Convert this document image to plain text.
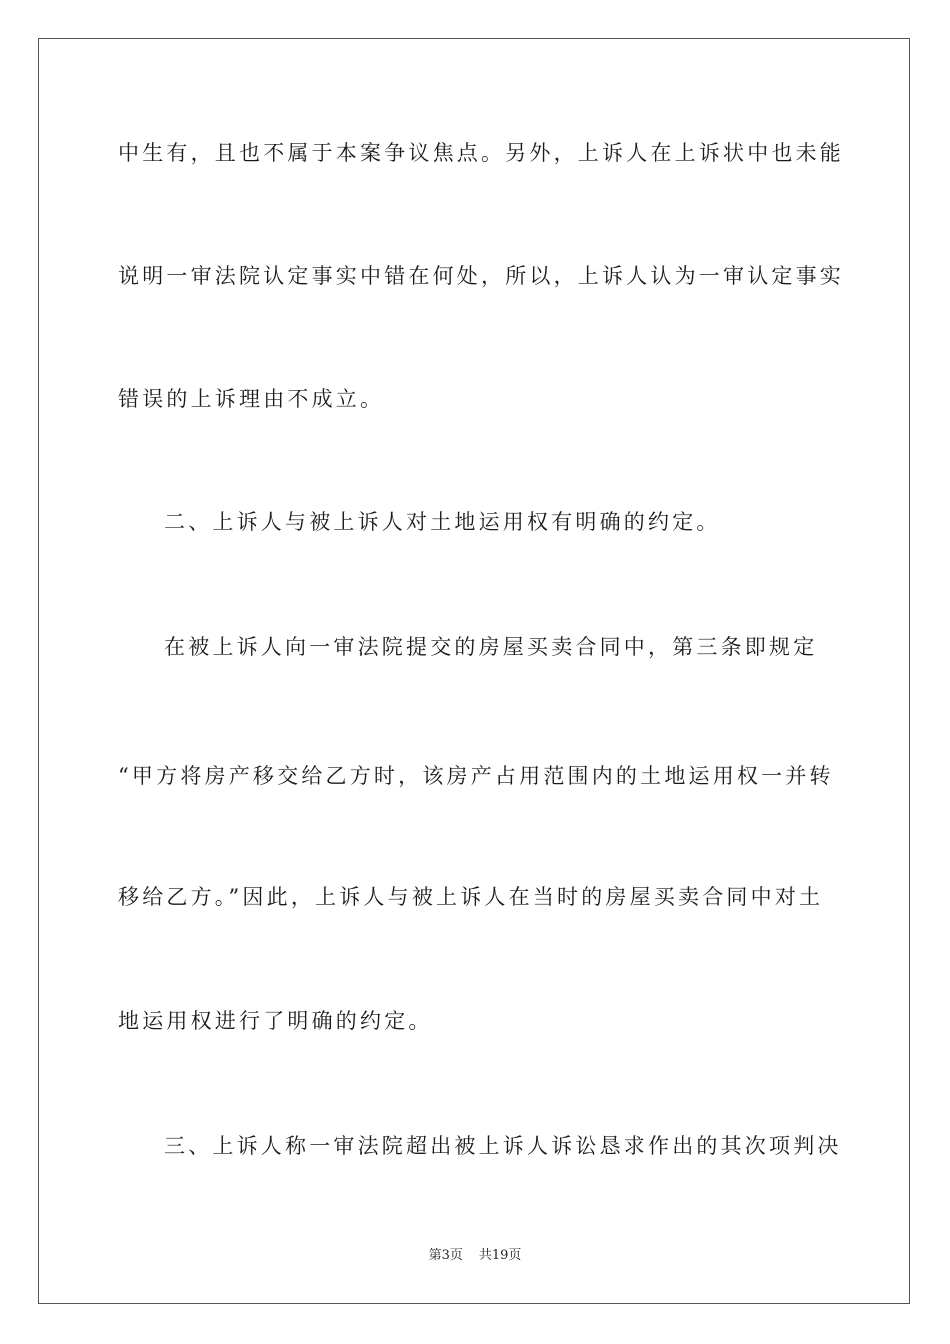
中生有，且也不属于本案争议焦点。另外，上诉人在上诉状中也未能
说明一审法院认定事实中错在何处，所以，上诉人认为一审认定事实
错误的上诉理由不成立。
二、上诉人与被上诉人对土地运用权有明确的约定。
在被上诉人向一审法院提交的房屋买卖合同中，第三条即规定
“甲方将房产移交给乙方时，该房产占用范围内的土地运用权一并转
移给乙方。”因此，上诉人与被上诉人在当时的房屋买卖合同中对土
地运用权进行了明确的约定。
三、上诉人称一审法院超出被上诉人诉讼恳求作出的其次项判决
第3页 共19页
